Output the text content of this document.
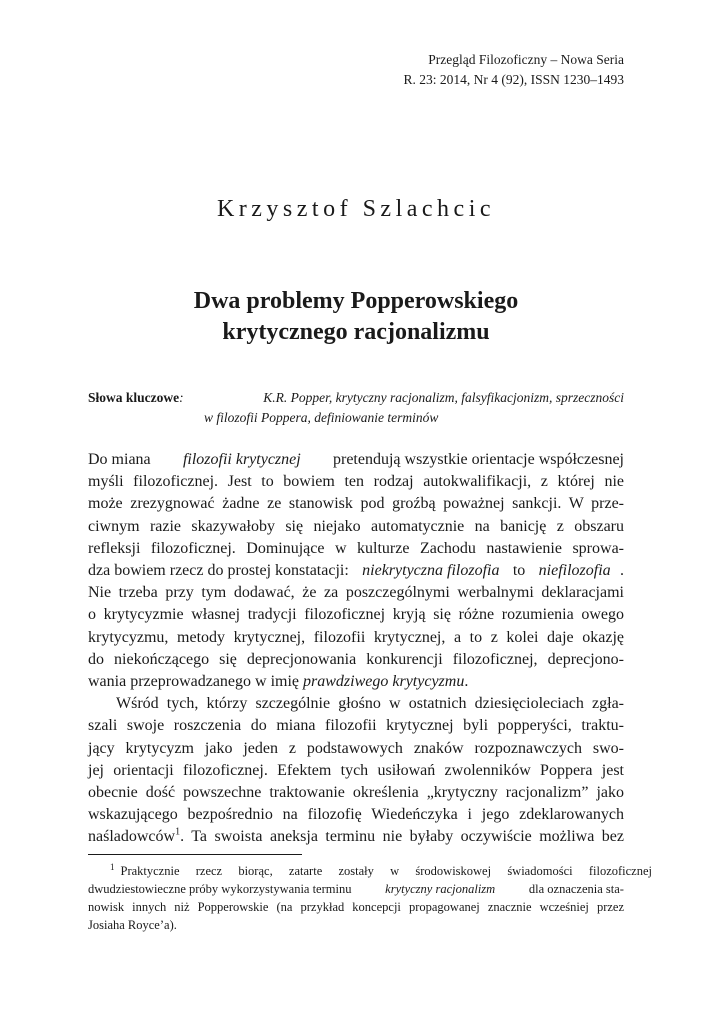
Przegląd Filozoficzny – Nowa Seria
R. 23: 2014, Nr 4 (92), ISSN 1230–1493
Krzysztof Szlachcic
Dwa problemy Popperowskiego
krytycznego racjonalizmu
Słowa kluczowe:	K.R. Popper, krytyczny racjonalizm, falsyfikacjonizm, sprzeczności
w filozofii Poppera, definiowanie terminów
Do miana filozofii krytycznej pretendują wszystkie orientacje współczesnej
myśli filozoficznej. Jest to bowiem ten rodzaj autokwalifikacji, z której nie
może zrezygnować żadne ze stanowisk pod groźbą poważnej sankcji. W prze-
ciwnym razie skazywałoby się niejako automatycznie na banicję z obszaru
refleksji filozoficznej. Dominujące w kulturze Zachodu nastawienie sprowa-
dza bowiem rzecz do prostej konstatacji: niekrytyczna filozofia to niefilozofia .
Nie trzeba przy tym dodawać, że za poszczególnymi werbalnymi deklaracjami
o krytycyzmie własnej tradycji filozoficznej kryją się różne rozumienia owego
krytycyzmu, metody krytycznej, filozofii krytycznej, a to z kolei daje okazję
do niekończącego się deprecjonowania konkurencji filozoficznej, deprecjono-
wania przeprowadzanego w imię prawdziwego krytycyzmu .
Wśród tych, którzy szczególnie głośno w ostatnich dziesięcioleciach zgła-
szali swoje roszczenia do miana filozofii krytycznej byli popperyści, traktu-
jący krytycyzm jako jeden z podstawowych znaków rozpoznawczych swo-
jej orientacji filozoficznej. Efektem tych usiłowań zwolenników Poppera jest
obecnie dość powszechne traktowanie określenia „krytyczny racjonalizm” jako
wskazującego bezpośrednio na filozofię Wiedeńczyka i jego zdeklarowanych
naśladowców$^1$ . Ta swoista aneksja terminu nie byłaby oczywiście możliwa bez
$^1$ Praktycznie rzecz biorąc, zatarte zostały w środowiskowej świadomości filozoficznej
dwudziestowieczne próby wykorzystywania terminu krytyczny racjonalizm dla oznaczenia sta-
nowisk innych niż Popperowskie (na przykład koncepcji propagowanej znacznie wcześniej przez
Josiaha Royce’a).
